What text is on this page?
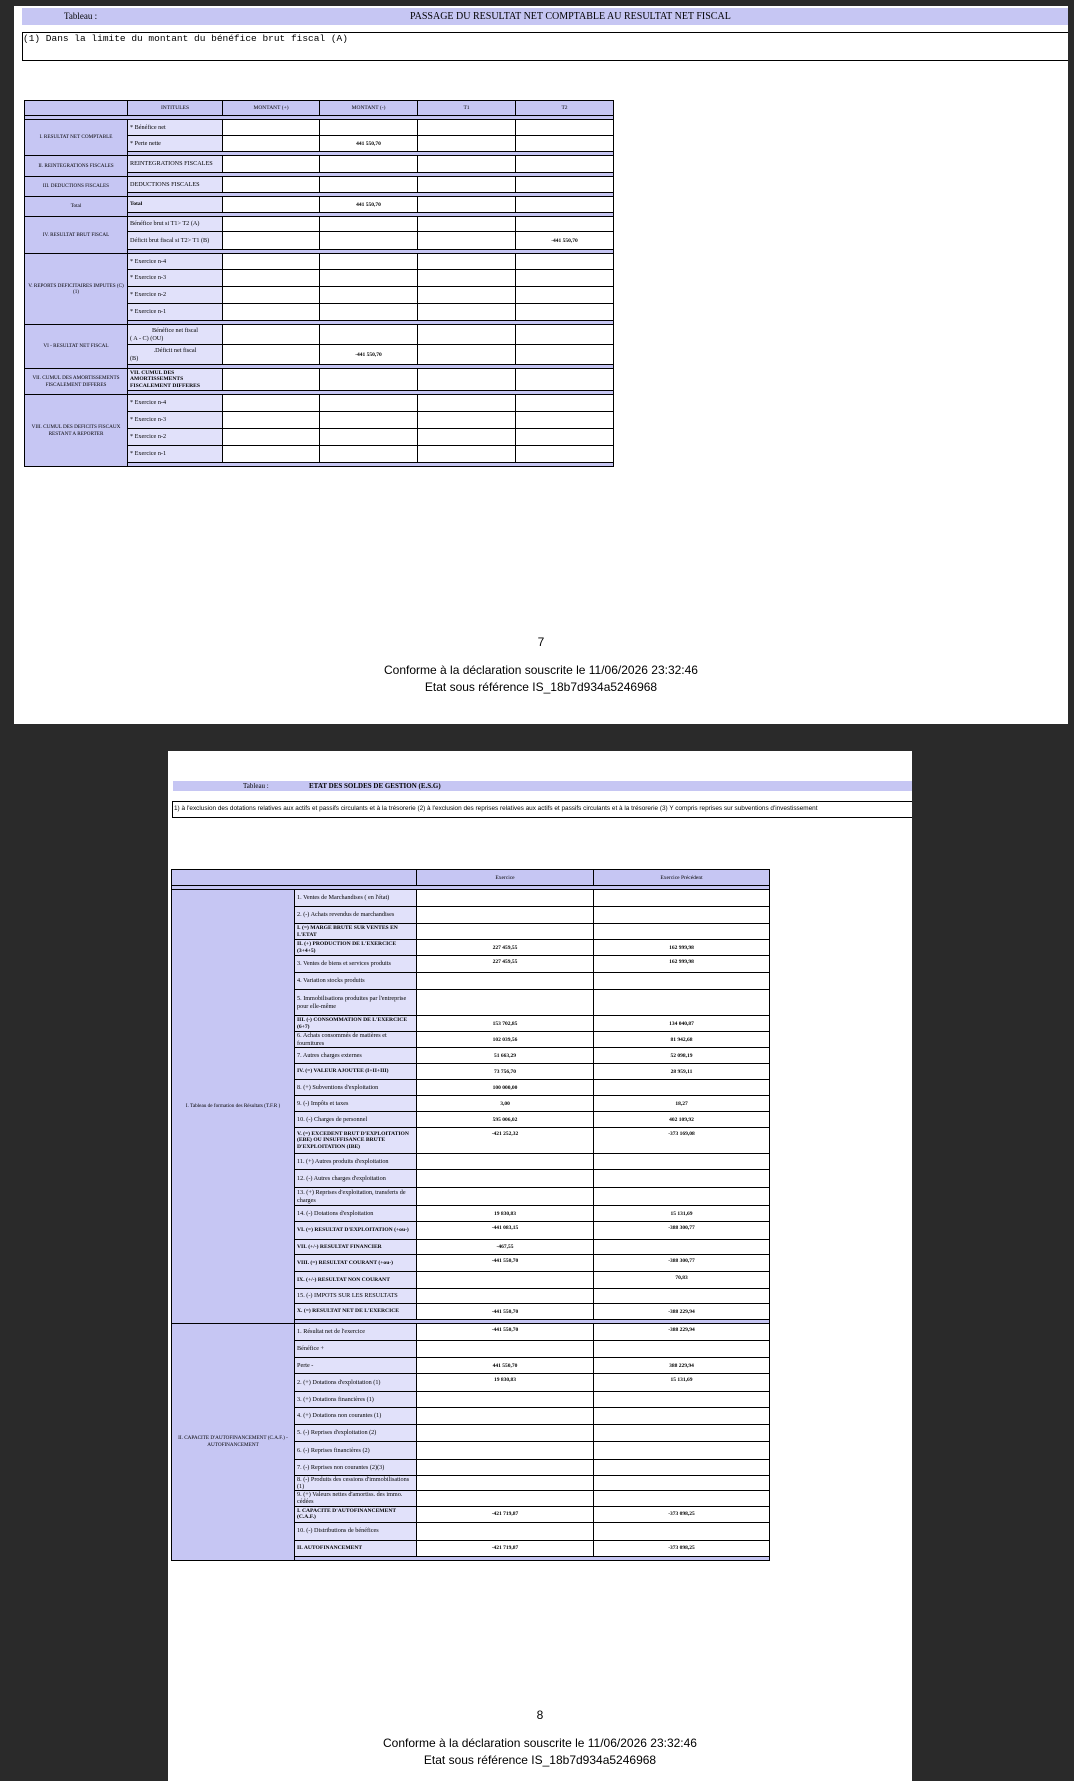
Tableau :	PASSAGE DU RESULTAT NET COMPTABLE AU RESULTAT NET FISCAL
(1) Dans la limite du montant du bénéfice brut fiscal (A)
	INTITULES	MONTANT (+)	MONTANT (-)	T1	T2

I. RESULTAT NET COMPTABLE	* Bénéfice net				
	* Perte nette		441 550,70		

II. REINTEGRATIONS FISCALES	REINTEGRATIONS FISCALES				

III. DEDUCTIONS FISCALES	DEDUCTIONS FISCALES				

Total	Total		441 550,70		

IV. RESULTAT BRUT FISCAL	Bénéfice brut si T1> T2 (A)				
	Déficit brut fiscal si T2> T1 (B)				-441 550,70

V. REPORTS DEFICITAIRES IMPUTES (C) (1)	* Exercice n-4				
	* Exercice n-3				
	* Exercice n-2				
	* Exercice n-1				

VI - RESULTAT NET FISCAL	Bénéfice net fiscal
( A - C) (OU)				

	.Déficit net fiscal
(B)		-441 550,70		

VII. CUMUL DES AMORTISSEMENTS FISCALEMENT DIFFERES	VII. CUMUL DES AMORTISSEMENTS FISCALEMENT DIFFERES				

VIII. CUMUL DES DEFICITS FISCAUX RESTANT A REPORTER	* Exercice n-4				
	* Exercice n-3				
	* Exercice n-2				
	* Exercice n-1				

7
Conforme à la déclaration souscrite le 11/06/2026 23:32:46
Etat sous référence IS_18b7d934a5246968
Tableau :	ETAT DES SOLDES DE GESTION (E.S.G)
1) à l'exclusion des dotations relatives aux actifs et passifs circulants et à la trésorerie (2) à l'exclusion des reprises relatives aux actifs et passifs circulants et à la trésorerie (3) Y compris reprises sur subventions d'investissement
		Exercice	Exercice Précédent

I. Tableau de formation des Résultats (T.F.R )	1. Ventes de Marchandises ( en l'état)		
	2. (-) Achats revendus de marchandises		
	I. (=) MARGE BRUTE SUR VENTES EN L'ETAT		
	II. (+) PRODUCTION DE L'EXERCICE (3+4+5)	227 459,55	162 999,98
	3. Ventes de biens et services produits	227 459,55	162 999,98
	4. Variation stocks produits		
	5. Immobilisations produites par l'entreprise pour elle-même		
	III. (-) CONSOMMATION DE L'EXERCICE (6+7)	153 702,85	134 040,87
	6. Achats consommés de matières et fournitures	102 039,56	81 942,68
	7. Autres charges externes	51 663,29	52 098,19
	IV. (=) VALEUR AJOUTEE (I+II+III)	73 756,70	28 959,11
	8. (+) Subventions d'exploitation	100 000,00	
	9. (-) Impôts et taxes	3,00	18,27
	10. (-) Charges de personnel	595 006,02	402 109,92
	V. (=) EXCEDENT BRUT D'EXPLOITATION (EBE) OU INSUFFISANCE BRUTE D'EXPLOITATION (IBE)	-421 252,32	-373 169,08
	11. (+) Autres produits d'exploitation		
	12. (-) Autres charges d'exploitation		
	13. (+) Reprises d'exploitation, transferts de charges		
	14. (-) Dotations d'exploitation	19 830,83	15 131,69
	VI. (=) RESULTAT D'EXPLOITATION (+ou-)	-441 083,15	-388 300,77
	VII. (+/-) RESULTAT FINANCIER	-467,55	
	VIII. (=) RESULTAT COURANT (+ou-)	-441 550,70	-388 300,77
	IX. (+/-) RESULTAT NON COURANT		70,83
	15. (-) IMPOTS SUR LES RESULTATS		
	X. (=) RESULTAT NET DE L'EXERCICE	-441 550,70	-388 229,94

II. CAPACITE D'AUTOFINANCEMENT (C.A.F.) - AUTOFINANCEMENT	1. Résultat net de l'exercice	-441 550,70	-388 229,94
	Bénéfice +		
	Perte -	441 550,70	388 229,94
	2. (+) Dotations d'exploitation (1)	19 830,83	15 131,69
	3. (+) Dotations financières (1)		
	4. (+) Dotations non courantes (1)		
	5. (-) Reprises d'exploitation (2)		
	6. (-) Reprises financières (2)		
	7. (-) Reprises non courantes (2)(3)		
	8. (-) Produits des cessions d'immobilisations (1)		
	9. (+) Valeurs nettes d'amortiss. des immo. cédées		
	I. CAPACITE D'AUTOFINANCEMENT (C.A.F.)	-421 719,87	-373 098,25
	10. (-) Distributions de bénéfices		
	II. AUTOFINANCEMENT	-421 719,87	-373 098,25

8
Conforme à la déclaration souscrite le 11/06/2026 23:32:46
Etat sous référence IS_18b7d934a5246968
